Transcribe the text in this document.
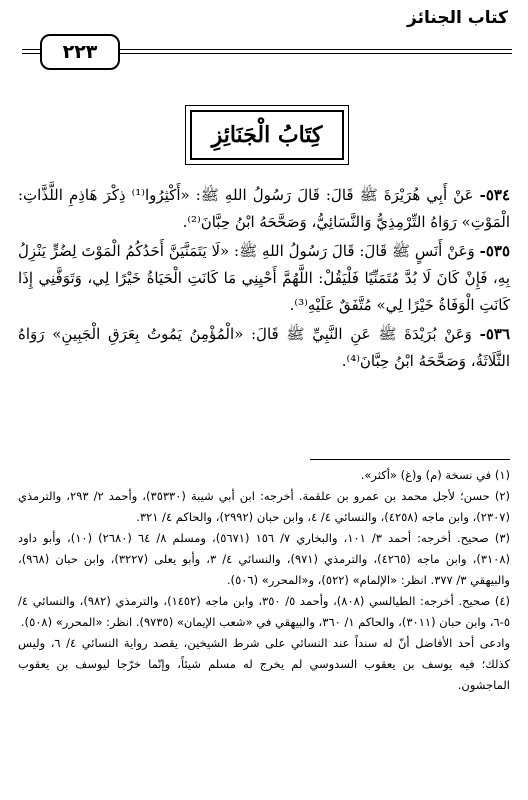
كتاب الجنائز
٢٢٣
كِتَابُ الْجَنَائِزِ

٥٣٤- عَنْ أَبِي هُرَيْرَةَ ﷺ قَالَ: قَالَ رَسُولُ اللهِ ﷺ: «أَكْثِرُوا⁽¹⁾ ذِكْرَ هَاذِمِ اللَّذَّاتِ: الْمَوْتِ» رَوَاهُ التِّرْمِذِيُّ وَالنَّسَائِيُّ، وَصَحَّحَهُ ابْنُ حِبَّانَ⁽²⁾.

٥٣٥- وَعَنْ أَنَسٍ ﷺ قَالَ: قَالَ رَسُولُ اللهِ ﷺ: «لَا يَتَمَنَّيَنَّ أَحَدُكُمُ الْمَوْتَ لِضُرٍّ يَنْزِلُ بِهِ، فَإِنْ كَانَ لَا بُدَّ مُتَمَنِّيًا فَلْيَقُلْ: اللَّهُمَّ أَحْيِنِي مَا كَانَتِ الْحَيَاةُ خَيْرًا لِي، وَتَوَفَّنِي إِذَا كَانَتِ الْوَفَاةُ خَيْرًا لِي» مُتَّفَقٌ عَلَيْهِ⁽³⁾.

٥٣٦- وَعَنْ بُرَيْدَةَ ﷺ عَنِ النَّبِيِّ ﷺ قَالَ: «الْمُؤْمِنُ يَمُوتُ بِعَرَقِ الْجَبِينِ» رَوَاهُ الثَّلَاثَةُ، وَصَحَّحَهُ ابْنُ حِبَّانَ⁽⁴⁾.

(١) في نسخة (م) و(غ) «أكثر».

(٢) حسن؛ لأجل محمد بن عمرو بن علقمة. أخرجه: ابن أبي شيبة (٣٥٣٣٠)، وأحمد ٢/ ٢٩٣، والترمذي (٢٣٠٧)، وابن ماجه (٤٢٥٨)، والنسائي ٤/ ٤، وابن حبان (٢٩٩٢)، والحاكم ٤/ ٣٢١.

(٣) صحيح. أخرجه: أحمد ٣/ ١٠١، والبخاري ٧/ ١٥٦ (٥٦٧١)، ومسلم ٨/ ٦٤ (٢٦٨٠) (١٠)، وأبو داود (٣١٠٨)، وابن ماجه (٤٢٦٥)، والترمذي (٩٧١)، والنسائي ٤/ ٣، وأبو يعلى (٣٢٢٧)، وابن حبان (٩٦٨)، والبيهقي ٣/ ٣٧٧. انظر: «الإلمام» (٥٢٢)، و«المحرر» (٥٠٦).

(٤) صحيح. أخرجه: الطيالسي (٨٠٨)، وأحمد ٥/ ٣٥٠، وابن ماجه (١٤٥٢)، والترمذي (٩٨٢)، والنسائي ٤/ ٥-٦، وابن حبان (٣٠١١)، والحاكم ١/ ٣٦٠، والبيهقي في «شعب الإيمان» (٩٧٣٥). انظر: «المحرر» (٥٠٨).

وادعى أحد الأفاضل أنّ له سنداً عند النسائي على شرط الشيخين، يقصد رواية النسائي ٤/ ٦، وليس كذلك؛ فيه يوسف بن يعقوب السدوسي لم يخرج له مسلم شيئاً، وإنّما خرّجا ليوسف بن يعقوب الماجشون.
